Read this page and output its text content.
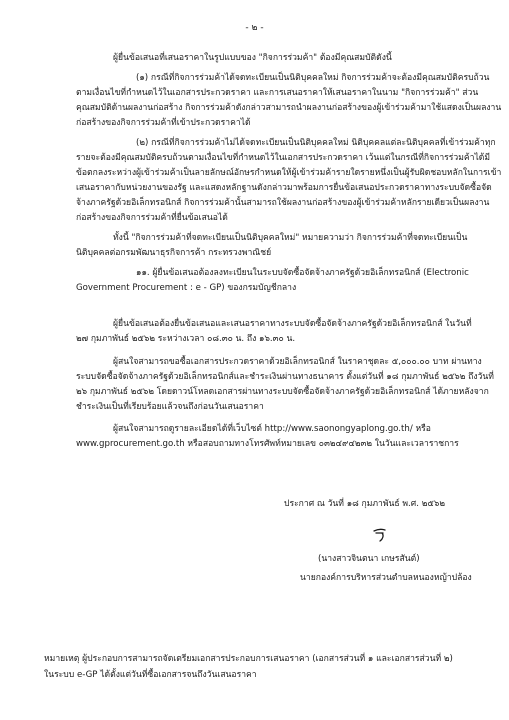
- ๒ -
ผู้ยื่นข้อเสนอที่เสนอราคาในรูปแบบของ "กิจการร่วมค้า" ต้องมีคุณสมบัติดังนี้
(๑) กรณีที่กิจการร่วมค้าได้จดทะเบียนเป็นนิติบุคคลใหม่ กิจการร่วมค้าจะต้องมีคุณสมบัติครบถ้วน
ตามเงื่อนไขที่กำหนดไว้ในเอกสารประกวดราคา และการเสนอราคาให้เสนอราคาในนาม "กิจการร่วมค้า" ส่วน
คุณสมบัติด้านผลงานก่อสร้าง กิจการร่วมค้าดังกล่าวสามารถนำผลงานก่อสร้างของผู้เข้าร่วมค้ามาใช้แสดงเป็นผลงาน
ก่อสร้างของกิจการร่วมค้าที่เข้าประกวดราคาได้
(๒) กรณีที่กิจการร่วมค้าไม่ได้จดทะเบียนเป็นนิติบุคคลใหม่ นิติบุคคลแต่ละนิติบุคคลที่เข้าร่วมค้าทุก
รายจะต้องมีคุณสมบัติครบถ้วนตามเงื่อนไขที่กำหนดไว้ในเอกสารประกวดราคา เว้นแต่ในกรณีที่กิจการร่วมค้าได้มี
ข้อตกลงระหว่างผู้เข้าร่วมค้าเป็นลายลักษณ์อักษรกำหนดให้ผู้เข้าร่วมค้ารายใดรายหนึ่งเป็นผู้รับผิดชอบหลักในการเข้า
เสนอราคากับหน่วยงานของรัฐ และแสดงหลักฐานดังกล่าวมาพร้อมการยื่นข้อเสนอประกวดราคาทางระบบจัดซื้อจัด
จ้างภาครัฐด้วยอิเล็กทรอนิกส์ กิจการร่วมค้านั้นสามารถใช้ผลงานก่อสร้างของผู้เข้าร่วมค้าหลักรายเดียวเป็นผลงาน
ก่อสร้างของกิจการร่วมค้าที่ยื่นข้อเสนอได้
ทั้งนี้ "กิจการร่วมค้าที่จดทะเบียนเป็นนิติบุคคลใหม่" หมายความว่า กิจการร่วมค้าที่จดทะเบียนเป็น
นิติบุคคลต่อกรมพัฒนาธุรกิจการค้า กระทรวงพาณิชย์
๑๑. ผู้ยื่นข้อเสนอต้องลงทะเบียนในระบบจัดซื้อจัดจ้างภาครัฐด้วยอิเล็กทรอนิกส์ (Electronic
Government Procurement : e - GP) ของกรมบัญชีกลาง
ผู้ยื่นข้อเสนอต้องยื่นข้อเสนอและเสนอราคาทางระบบจัดซื้อจัดจ้างภาครัฐด้วยอิเล็กทรอนิกส์ ในวันที่
๒๗ กุมภาพันธ์ ๒๕๖๒ ระหว่างเวลา ๐๘.๓๐ น. ถึง ๑๖.๓๐ น.
ผู้สนใจสามารถขอซื้อเอกสารประกวดราคาด้วยอิเล็กทรอนิกส์ ในราคาชุดละ ๕,๐๐๐.๐๐ บาท ผ่านทาง
ระบบจัดซื้อจัดจ้างภาครัฐด้วยอิเล็กทรอนิกส์และชำระเงินผ่านทางธนาคาร ตั้งแต่วันที่ ๑๘ กุมภาพันธ์ ๒๕๖๒ ถึงวันที่
๒๖ กุมภาพันธ์ ๒๕๖๒ โดยดาวน์โหลดเอกสารผ่านทางระบบจัดซื้อจัดจ้างภาครัฐด้วยอิเล็กทรอนิกส์ ได้ภายหลังจาก
ชำระเงินเป็นที่เรียบร้อยแล้วจนถึงก่อนวันเสนอราคา
ผู้สนใจสามารถดูรายละเอียดได้ที่เว็บไซต์ http://www.saonongyaplong.go.th/ หรือ
www.gprocurement.go.th หรือสอบถามทางโทรศัพท์หมายเลข ๐๓๒๔๙๔๒๓๒ ในวันและเวลาราชการ
ประกาศ ณ วันที่ ๑๘ กุมภาพันธ์ พ.ศ. ๒๕๖๒
(นางสาวจินตนา เกษรสันต์)
นายกองค์การบริหารส่วนตำบลหนองหญ้าปล้อง
หมายเหตุ ผู้ประกอบการสามารถจัดเตรียมเอกสารประกอบการเสนอราคา (เอกสารส่วนที่ ๑ และเอกสารส่วนที่ ๒)
ในระบบ e-GP ได้ตั้งแต่วันที่ซื้อเอกสารจนถึงวันเสนอราคา
